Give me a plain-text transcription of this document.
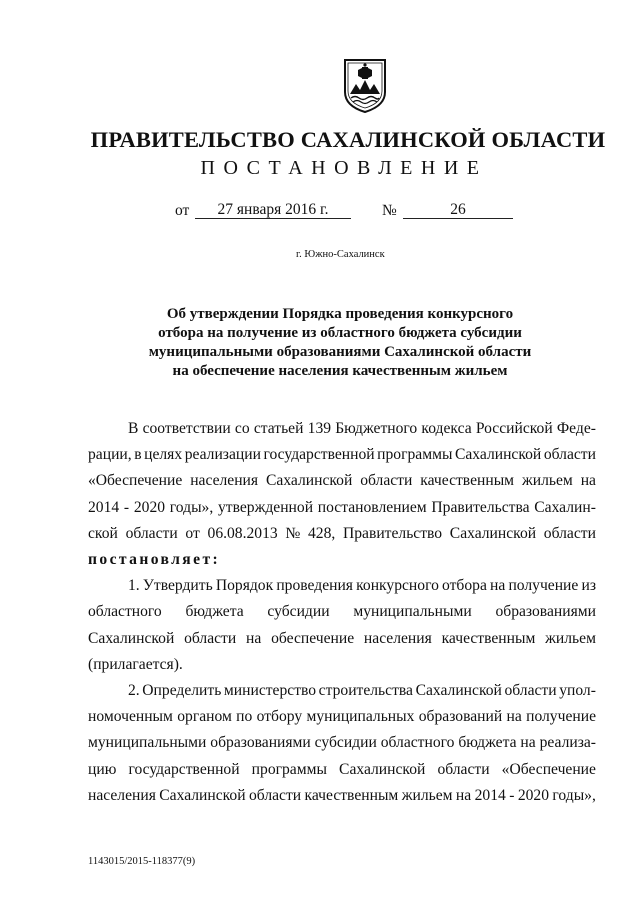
ПРАВИТЕЛЬСТВО САХАЛИНСКОЙ ОБЛАСТИ
ПОСТАНОВЛЕНИЕ
от	27 января 2016 г.	№	26
г. Южно-Сахалинск
Об утверждении Порядка проведения конкурсного
отбора на получение из областного бюджета субсидии
муниципальными образованиями Сахалинской области
на обеспечение населения качественным жильем
В соответствии со статьей 139 Бюджетного кодекса Российской Феде-
рации, в целях реализации государственной программы Сахалинской области
«Обеспечение населения Сахалинской области качественным жильем на
2014 - 2020 годы», утвержденной постановлением Правительства Сахалин-
ской области от 06.08.2013 № 428, Правительство Сахалинской области
постановляет:
1. Утвердить Порядок проведения конкурсного отбора на получение из
областного бюджета субсидии муниципальными образованиями
Сахалинской области на обеспечение населения качественным жильем
(прилагается).
2. Определить министерство строительства Сахалинской области упол-
номоченным органом по отбору муниципальных образований на получение
муниципальными образованиями субсидии областного бюджета на реализа-
цию государственной программы Сахалинской области «Обеспечение
населения Сахалинской области качественным жильем на 2014 - 2020 годы»,
1143015/2015-118377(9)
